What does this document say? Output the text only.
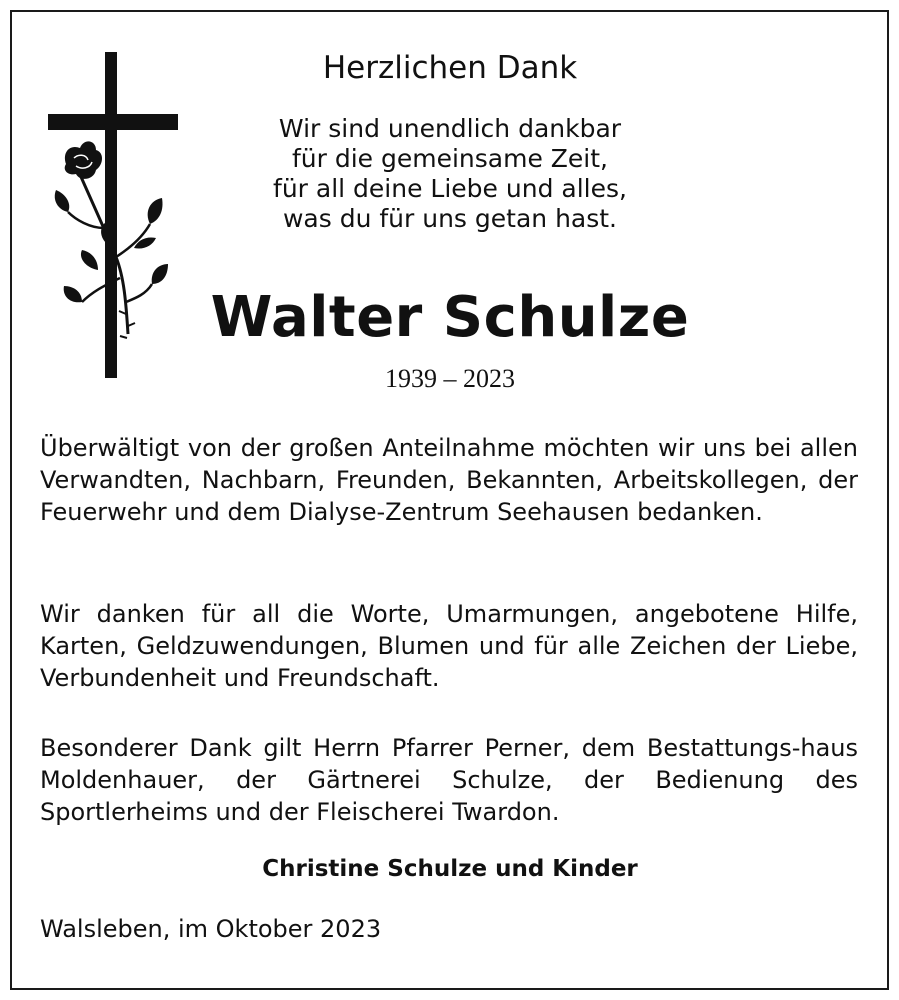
Herzlichen Dank
Wir sind unendlich dankbar
für die gemeinsame Zeit,
für all deine Liebe und alles,
was du für uns getan hast.
Walter Schulze
1939 – 2023

Überwältigt von der großen Anteilnahme möchten wir uns bei allen Verwandten, Nachbarn, Freunden, Bekannten, Arbeitskollegen, der Feuerwehr und dem Dialyse-Zentrum Seehausen bedanken.

Wir danken für all die Worte, Umarmungen, angebotene Hilfe, Karten, Geldzuwendungen, Blumen und für alle Zeichen der Liebe, Verbundenheit und Freundschaft.

Besonderer Dank gilt Herrn Pfarrer Perner, dem Bestattungs-haus Moldenhauer, der Gärtnerei Schulze, der Bedienung des Sportlerheims und der Fleischerei Twardon.

Christine Schulze und Kinder
Walsleben, im Oktober 2023
